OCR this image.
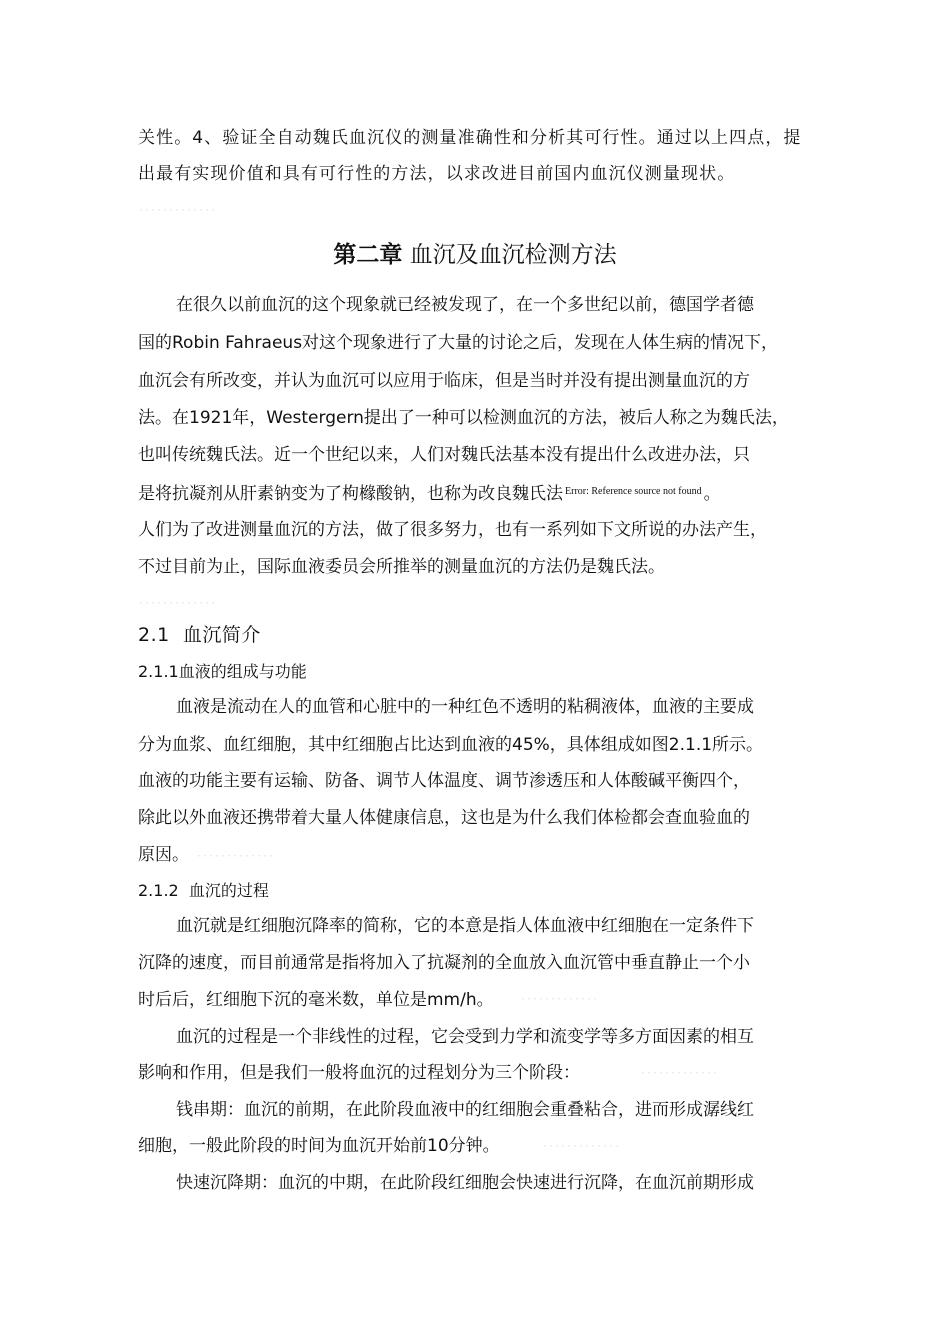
关性。4、验证全自动魏氏血沉仪的测量准确性和分析其可行性。通过以上四点，提
出最有实现价值和具有可行性的方法，以求改进目前国内血沉仪测量现状。
·············
第二章 血沉及血沉检测方法
在很久以前血沉的这个现象就已经被发现了，在一个多世纪以前，德国学者德
国的Robin Fahraeus对这个现象进行了大量的讨论之后，发现在人体生病的情况下，
血沉会有所改变，并认为血沉可以应用于临床，但是当时并没有提出测量血沉的方
法。在1921年，Westergern提出了一种可以检测血沉的方法，被后人称之为魏氏法，
也叫传统魏氏法。近一个世纪以来，人们对魏氏法基本没有提出什么改进办法，只
是将抗凝剂从肝素钠变为了枸橼酸钠，也称为改良魏氏法 $^{Error: Reference source not found}$ 。
人们为了改进测量血沉的方法，做了很多努力，也有一系列如下文所说的办法产生，
不过目前为止，国际血液委员会所推举的测量血沉的方法仍是魏氏法。
·············
2.1 血沉简介
2.1.1血液的组成与功能
血液是流动在人的血管和心脏中的一种红色不透明的粘稠液体，血液的主要成
分为血浆、血红细胞，其中红细胞占比达到血液的45%，具体组成如图2.1.1所示。
血液的功能主要有运输、防备、调节人体温度、调节渗透压和人体酸碱平衡四个，
除此以外血液还携带着大量人体健康信息，这也是为什么我们体检都会查血验血的
原因。 ·············
2.1.2 血沉的过程
血沉就是红细胞沉降率的简称，它的本意是指人体血液中红细胞在一定条件下
沉降的速度，而目前通常是指将加入了抗凝剂的全血放入血沉管中垂直静止一个小
时后后，红细胞下沉的毫米数，单位是mm/h。	·············
血沉的过程是一个非线性的过程，它会受到力学和流变学等多方面因素的相互
影响和作用，但是我们一般将血沉的过程划分为三个阶段：	·············
钱串期：血沉的前期，在此阶段血液中的红细胞会重叠粘合，进而形成潺线红
细胞，一般此阶段的时间为血沉开始前10分钟。	·············
快速沉降期：血沉的中期，在此阶段红细胞会快速进行沉降，在血沉前期形成
